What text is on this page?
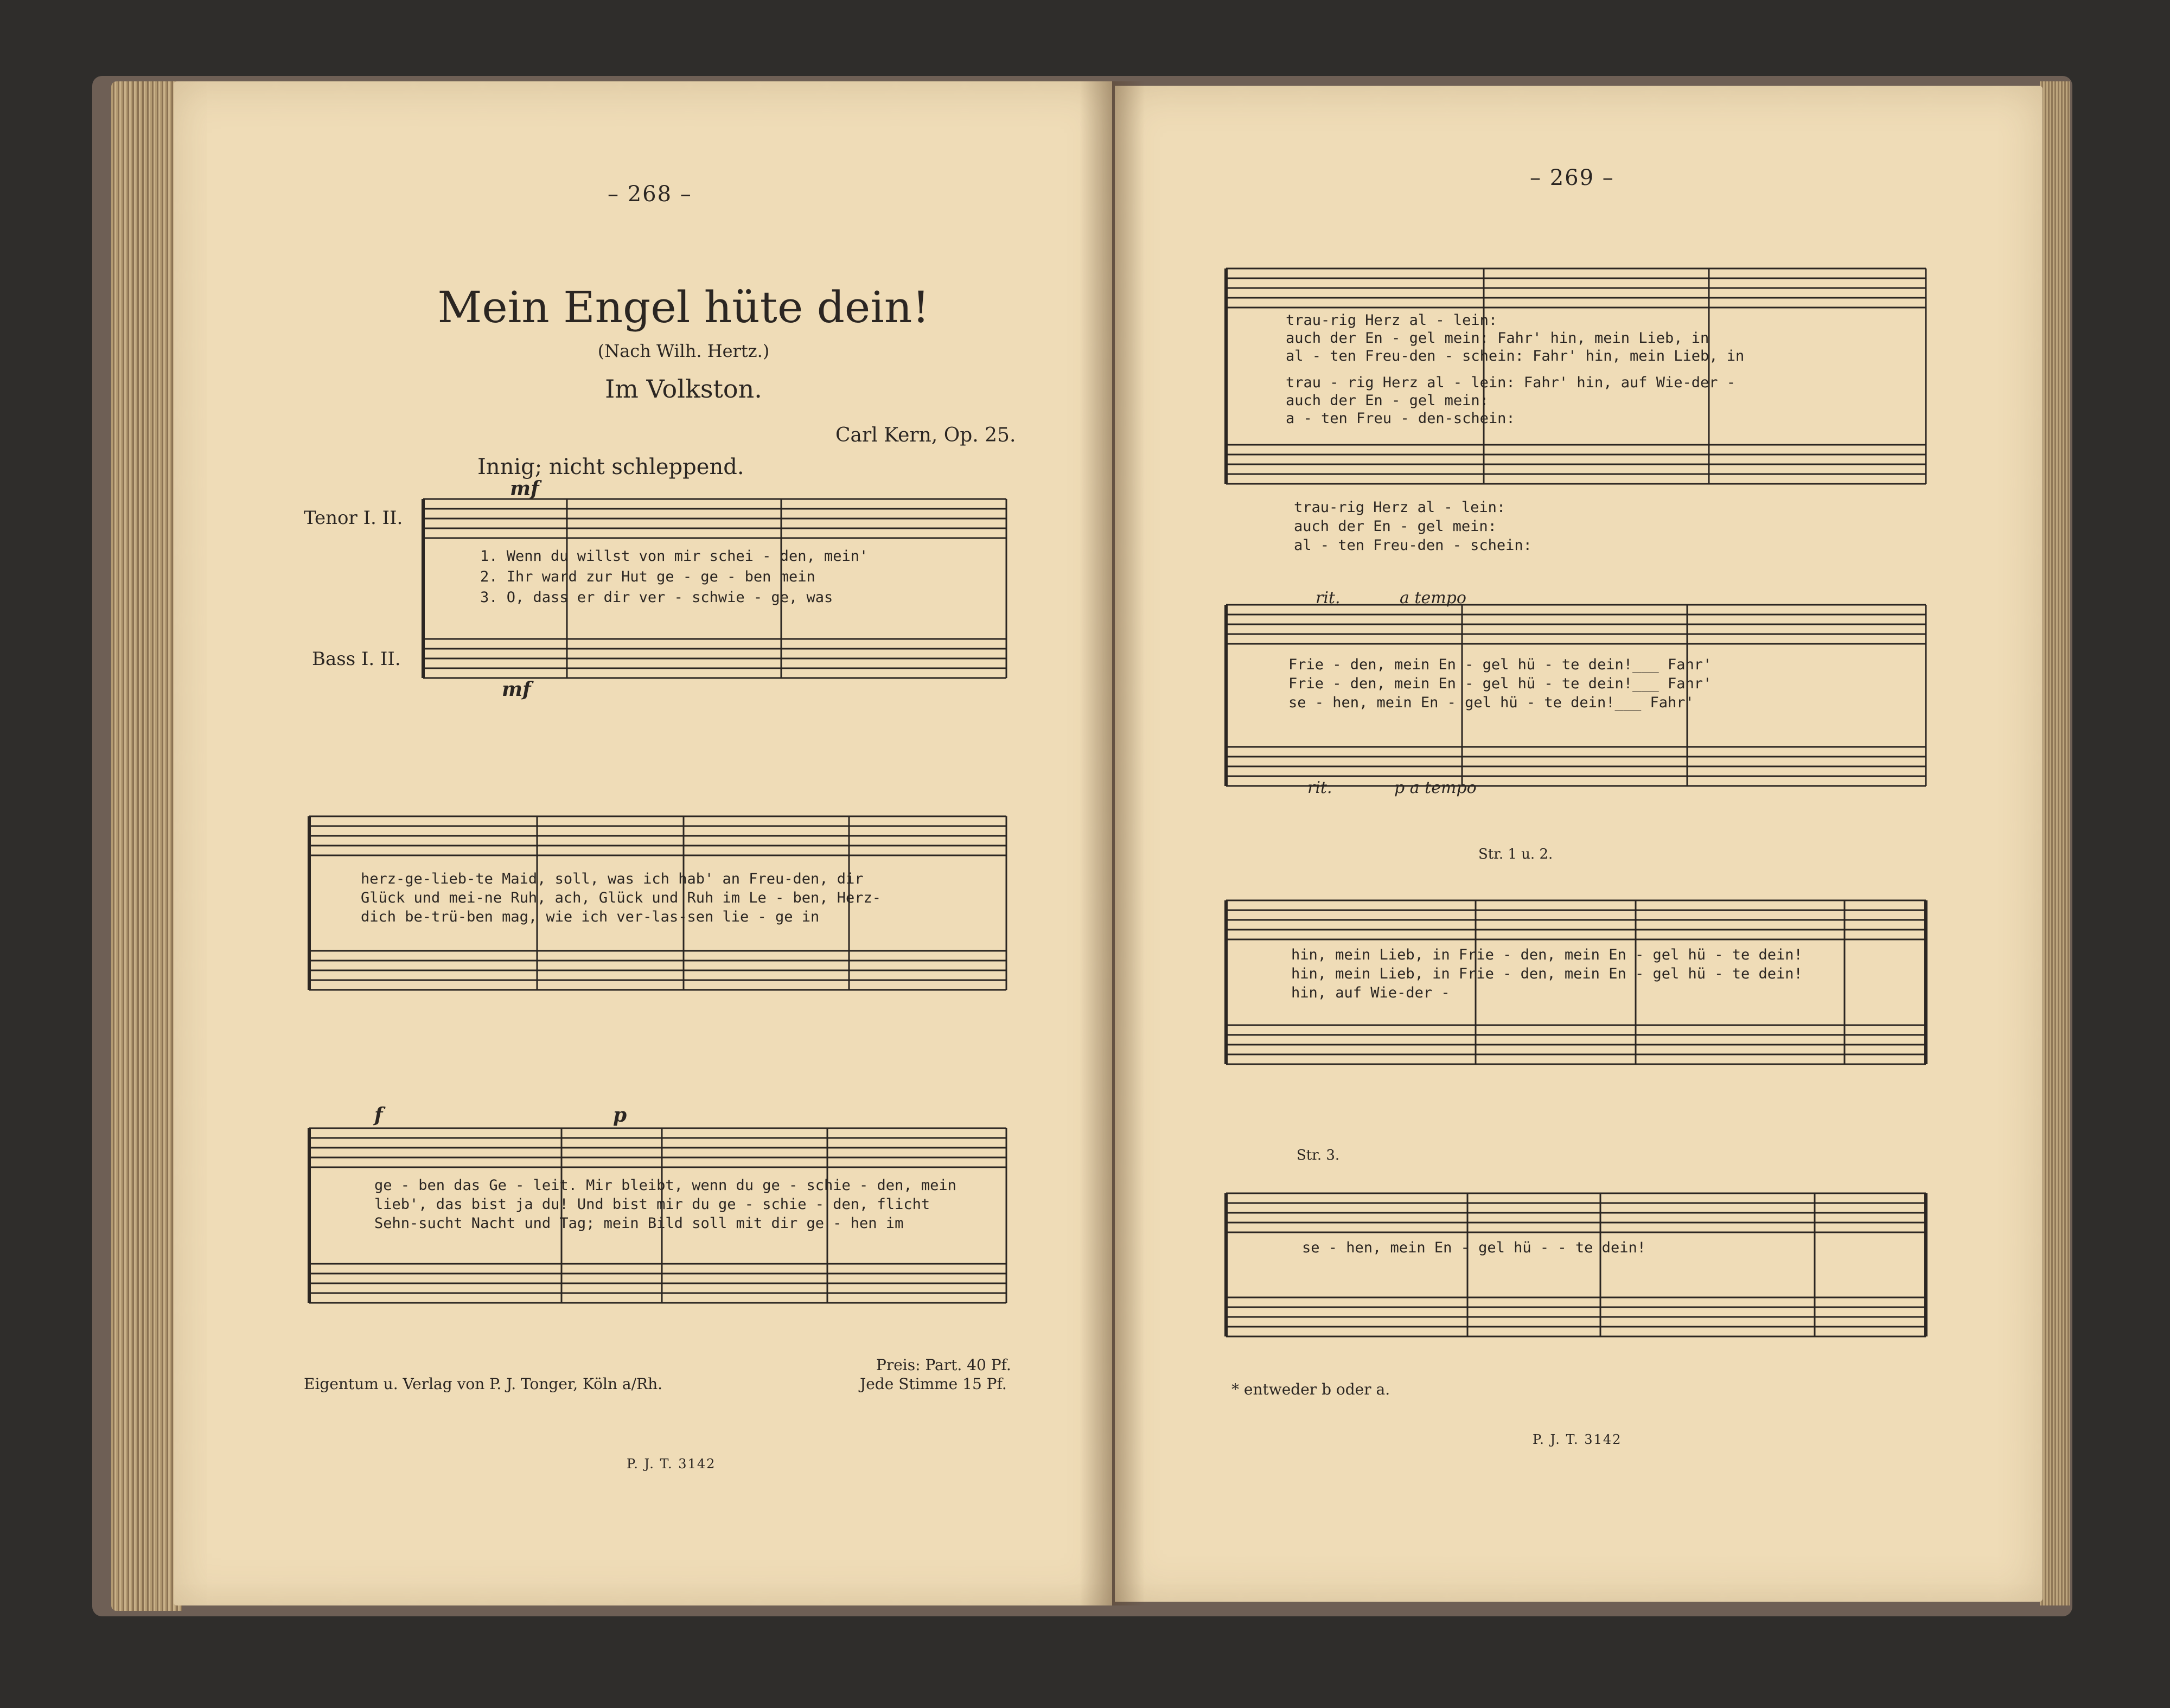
– 268 –
Mein Engel hüte dein!
(Nach Wilh. Hertz.)
Im Volkston.
Carl Kern, Op. 25.
Innig; nicht schleppend.
Tenor I. II.
Bass I. II.
mf
mf
f	p
1. Wenn du willst von mir schei - den, mein'
2. Ihr ward zur Hut ge - ge - ben mein
3. O, dass er dir ver - schwie - ge, was
herz-ge-lieb-te Maid, soll, was ich hab' an Freu-den, dir
Glück und mei-ne Ruh, ach, Glück und Ruh im Le - ben, Herz-
dich be-trü-ben mag, wie ich ver-las-sen lie - ge in
ge - ben das Ge - leit. Mir bleibt, wenn du ge - schie - den, mein
lieb', das bist ja du! Und bist mir du ge - schie - den, flicht
Sehn-sucht Nacht und Tag; mein Bild soll mit dir ge - hen im
Eigentum u. Verlag von P. J. Tonger, Köln a/Rh.
Preis: Part. 40 Pf.
Jede Stimme 15 Pf.
P. J. T. 3142
– 269 –
trau-rig Herz al - lein:
auch der En - gel mein: Fahr' hin, mein Lieb, in
al - ten Freu-den - schein: Fahr' hin, mein Lieb, in
trau - rig Herz al - lein: Fahr' hin, auf Wie-der -
auch der En - gel mein:
a - ten Freu - den-schein:
trau-rig Herz al - lein:
auch der En - gel mein:
al - ten Freu-den - schein:
rit.	a tempo
Frie - den, mein En - gel hü - te dein!___ Fahr'
Frie - den, mein En - gel hü - te dein!___ Fahr'
se - hen, mein En - gel hü - te dein!___ Fahr'
rit.	p a tempo
Str. 1 u. 2.
hin, mein Lieb, in Frie - den, mein En - gel hü - te dein!
hin, mein Lieb, in Frie - den, mein En - gel hü - te dein!
hin, auf Wie-der -
Str. 3.
se - hen, mein En - gel hü - - te dein!
* entweder b oder a.
P. J. T. 3142
